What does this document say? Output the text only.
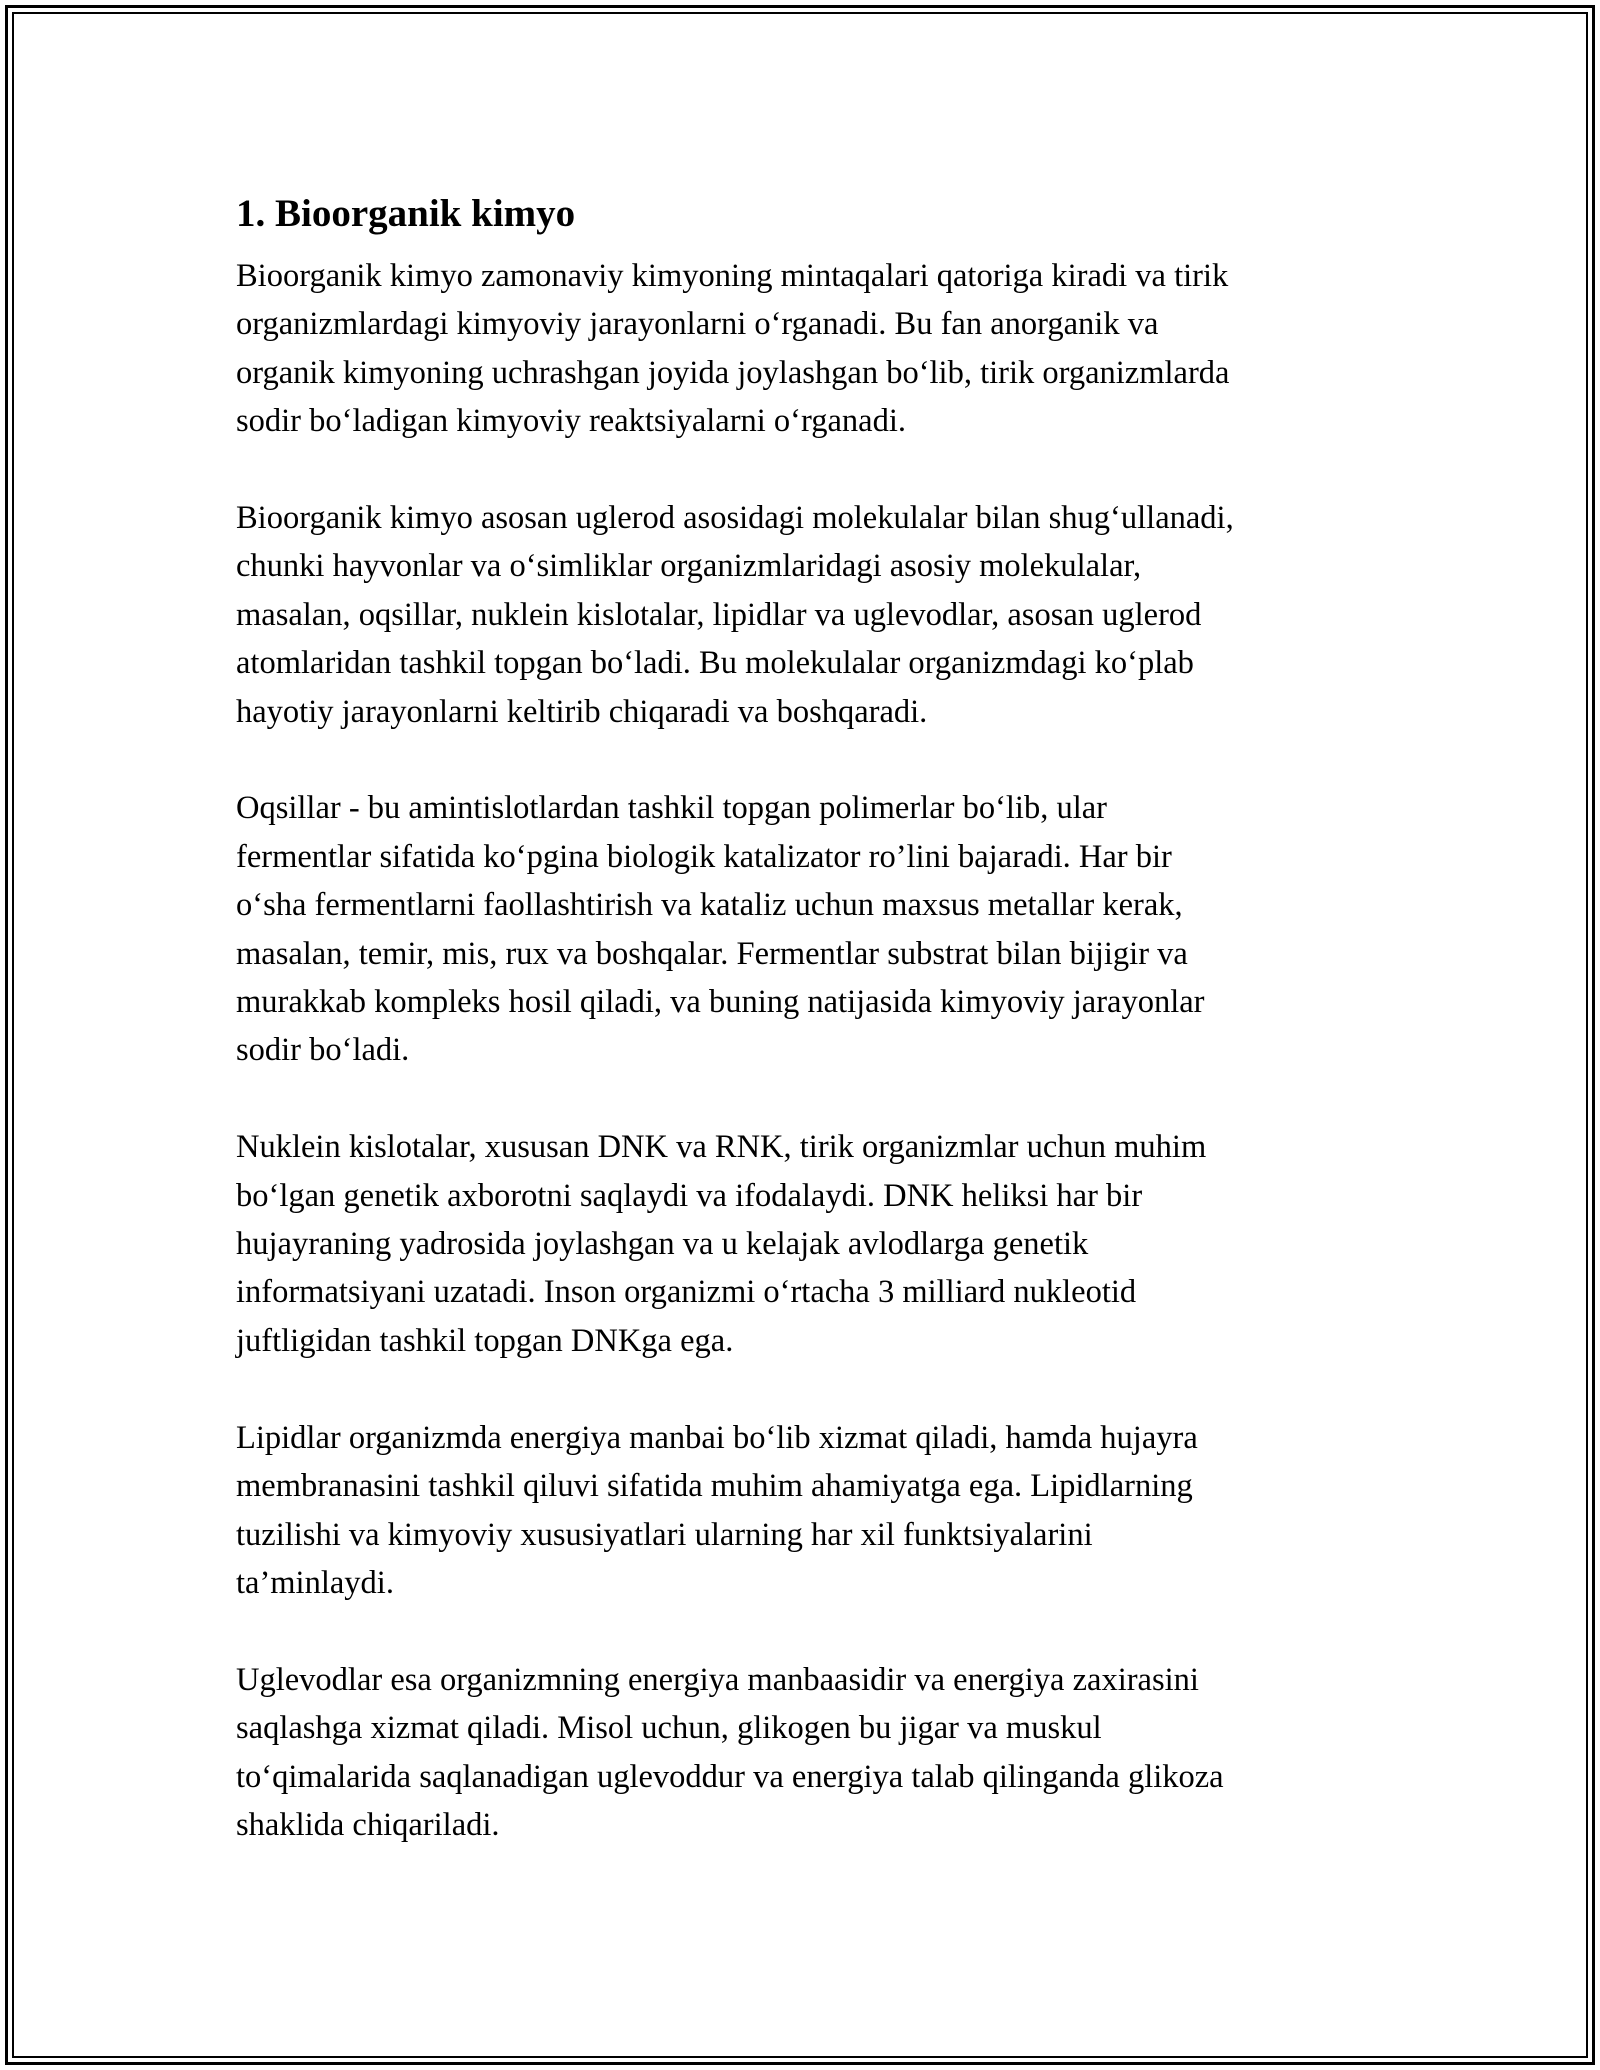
1. Bioorganik kimyo

Bioorganik kimyo zamonaviy kimyoning mintaqalari qatoriga kiradi va tirik
organizmlardagi kimyoviy jarayonlarni o‘rganadi. Bu fan anorganik va
organik kimyoning uchrashgan joyida joylashgan bo‘lib, tirik organizmlarda
sodir bo‘ladigan kimyoviy reaktsiyalarni o‘rganadi.

Bioorganik kimyo asosan uglerod asosidagi molekulalar bilan shug‘ullanadi,
chunki hayvonlar va o‘simliklar organizmlaridagi asosiy molekulalar,
masalan, oqsillar, nuklein kislotalar, lipidlar va uglevodlar, asosan uglerod
atomlaridan tashkil topgan bo‘ladi. Bu molekulalar organizmdagi ko‘plab
hayotiy jarayonlarni keltirib chiqaradi va boshqaradi.

Oqsillar - bu amintislotlardan tashkil topgan polimerlar bo‘lib, ular
fermentlar sifatida ko‘pgina biologik katalizator ro’lini bajaradi. Har bir
o‘sha fermentlarni faollashtirish va kataliz uchun maxsus metallar kerak,
masalan, temir, mis, rux va boshqalar. Fermentlar substrat bilan bijigir va
murakkab kompleks hosil qiladi, va buning natijasida kimyoviy jarayonlar
sodir bo‘ladi.

Nuklein kislotalar, xususan DNK va RNK, tirik organizmlar uchun muhim
bo‘lgan genetik axborotni saqlaydi va ifodalaydi. DNK heliksi har bir
hujayraning yadrosida joylashgan va u kelajak avlodlarga genetik
informatsiyani uzatadi. Inson organizmi o‘rtacha 3 milliard nukleotid
juftligidan tashkil topgan DNKga ega.

Lipidlar organizmda energiya manbai bo‘lib xizmat qiladi, hamda hujayra
membranasini tashkil qiluvi sifatida muhim ahamiyatga ega. Lipidlarning
tuzilishi va kimyoviy xususiyatlari ularning har xil funktsiyalarini
ta’minlaydi.

Uglevodlar esa organizmning energiya manbaasidir va energiya zaxirasini
saqlashga xizmat qiladi. Misol uchun, glikogen bu jigar va muskul
to‘qimalarida saqlanadigan uglevoddur va energiya talab qilinganda glikoza
shaklida chiqariladi.
